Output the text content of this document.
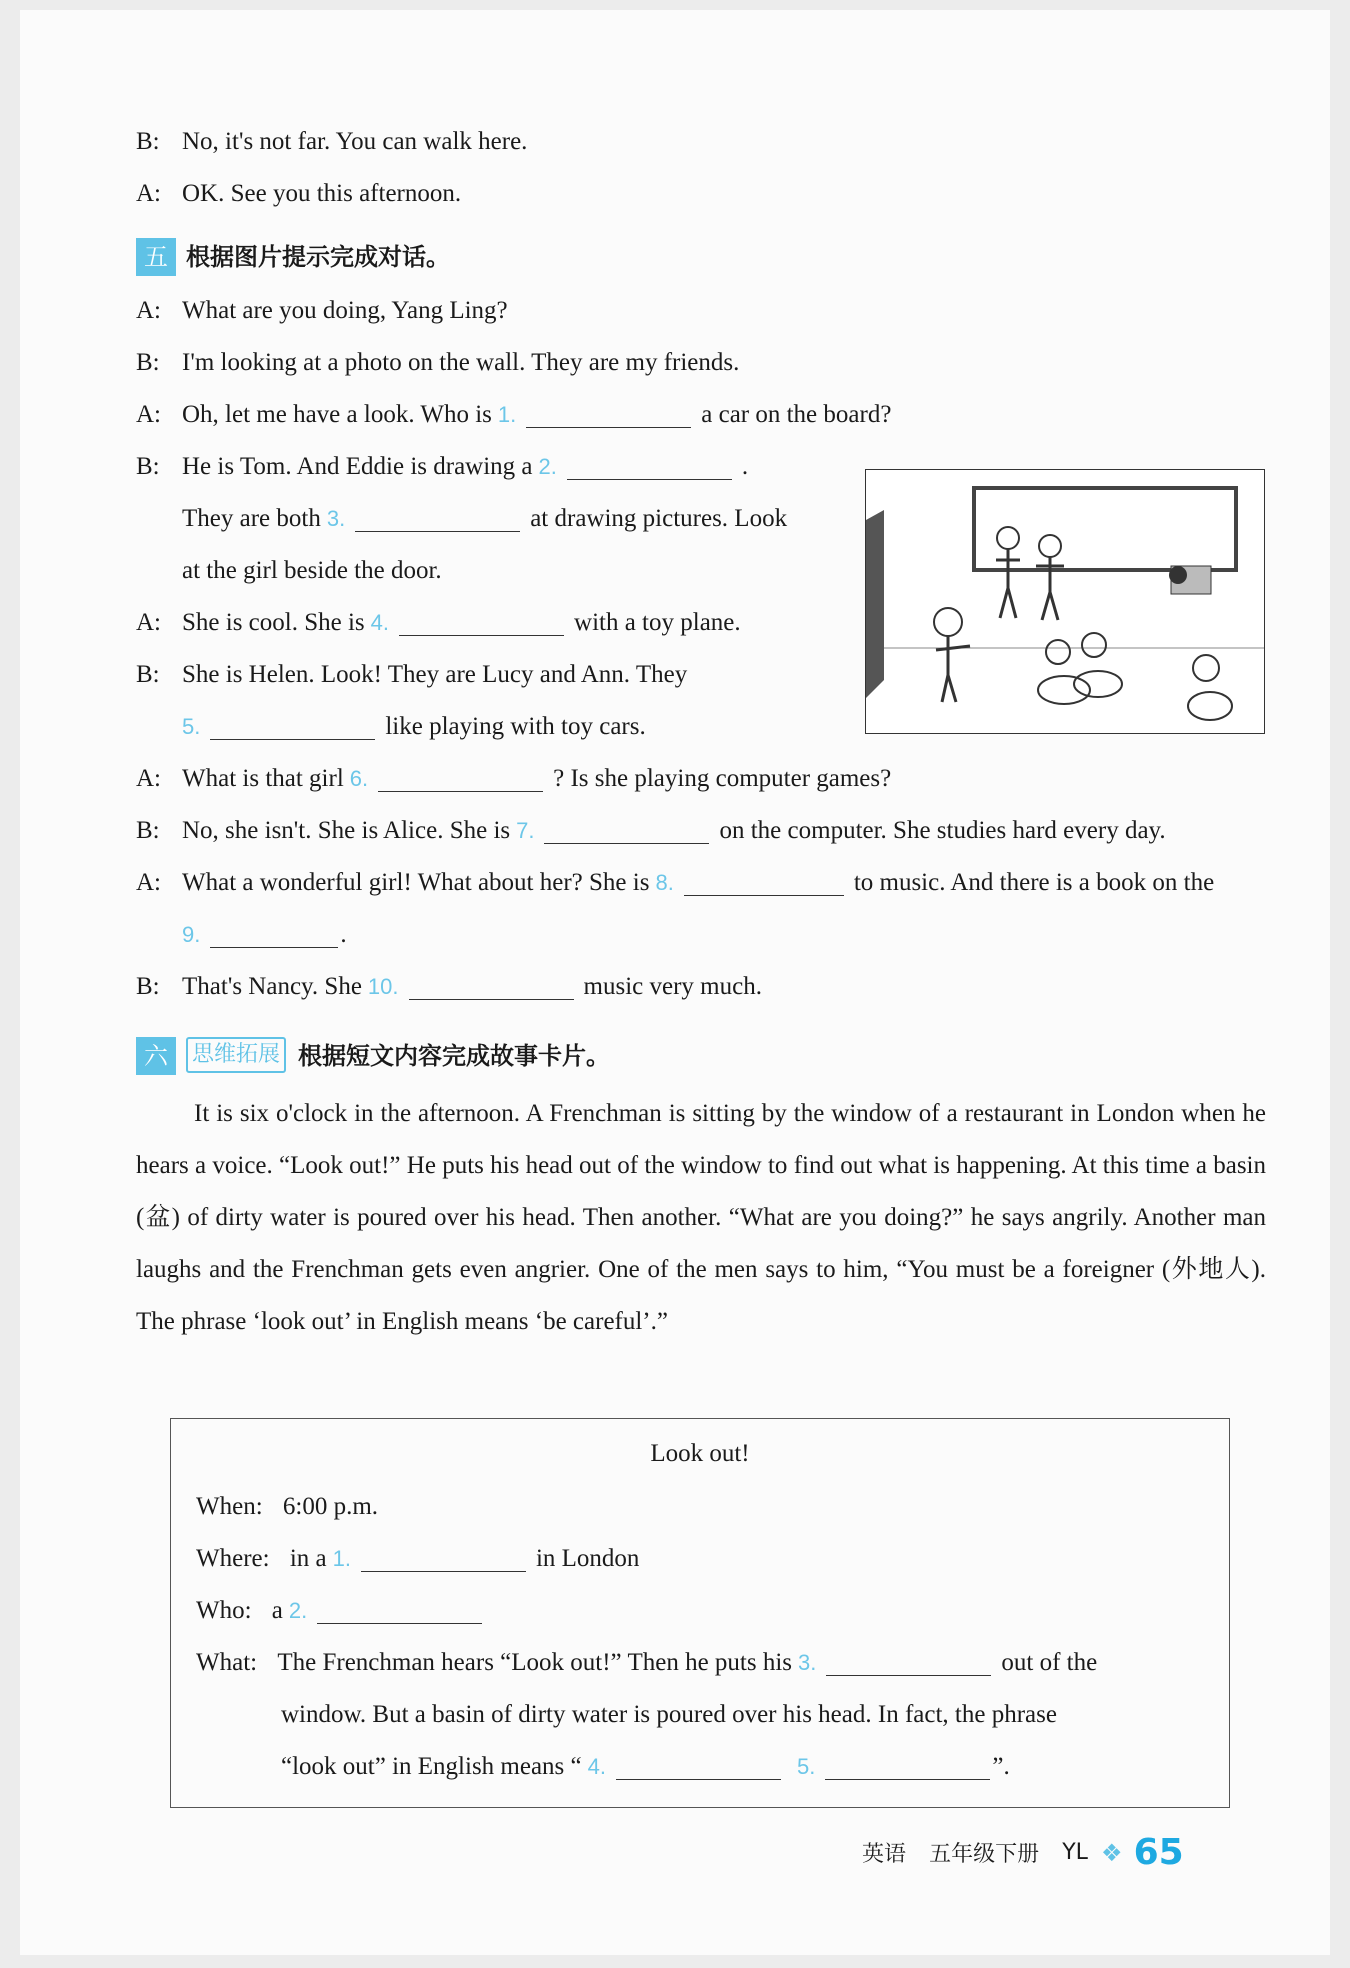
B: No, it's not far. You can walk here.
A: OK. See you this afternoon.
五 根据图片提示完成对话。
A: What are you doing, Yang Ling?
B: I'm looking at a photo on the wall. They are my friends.
A: Oh, let me have a look. Who is 1.	a car on the board?
B: He is Tom. And Eddie is drawing a 2.	.
They are both 3.	at drawing pictures. Look
at the girl beside the door.
A: She is cool. She is 4.	with a toy plane.
B: She is Helen. Look! They are Lucy and Ann. They
5.	like playing with toy cars.
A: What is that girl 6.	? Is she playing computer games?
B: No, she isn't. She is Alice. She is 7.	on the computer. She studies hard every day.
A: What a wonderful girl! What about her? She is 8.	to music. And there is a book on the
9.	.
B: That's Nancy. She 10.	music very much.
六 思维拓展 根据短文内容完成故事卡片。
It is six o'clock in the afternoon. A Frenchman is sitting by the window of a restaurant in London when he hears a voice. “Look out!” He puts his head out of the window to find out what is happening. At this time a basin (盆) of dirty water is poured over his head. Then another. “What are you doing?” he says angrily. Another man laughs and the Frenchman gets even angrier. One of the men says to him, “You must be a foreigner (外地人). The phrase ‘look out’ in English means ‘be careful’.”
Look out!
When: 6:00 p.m.
Where: in a 1.	in London
Who: a 2.
What: The Frenchman hears “Look out!” Then he puts his 3.	out of the
window. But a basin of dirty water is poured over his head. In fact, the phrase
“look out” in English means “ 4.	5.	”.
英语 五年级下册 YL ❖ 65
